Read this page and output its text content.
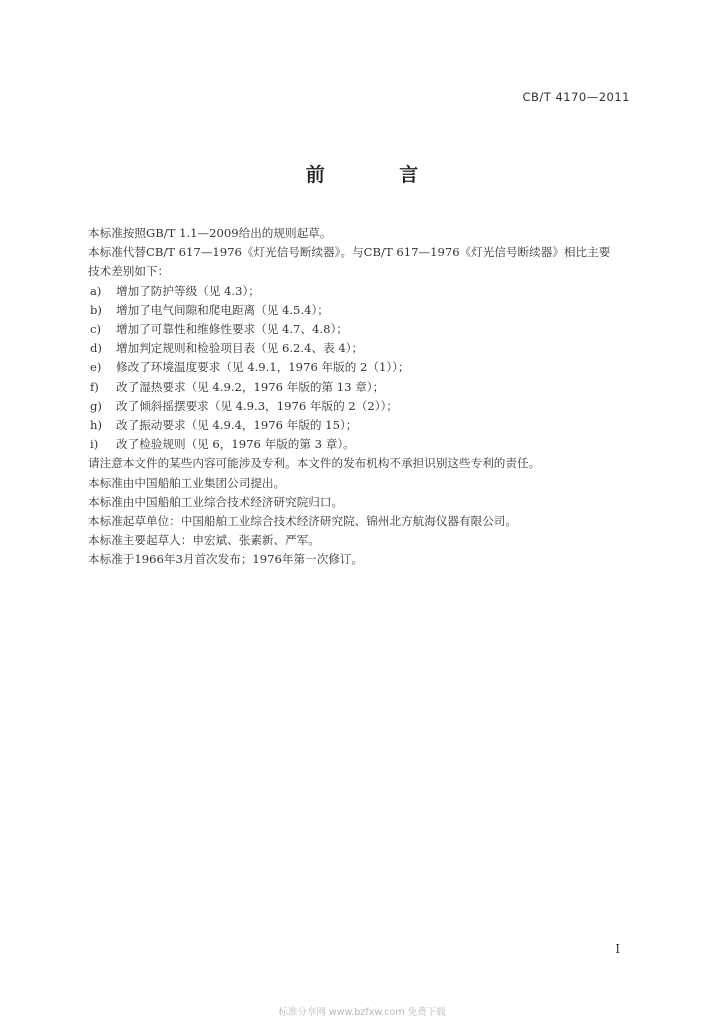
CB/T 4170—2011
前 言

本标准按照GB/T 1.1—2009给出的规则起草。

本标准代替CB/T 617—1976《灯光信号断续器》。与CB/T 617—1976《灯光信号断续器》相比主要

技术差别如下：

a)	增加了防护等级（见 4.3）；
b)	增加了电气间隙和爬电距离（见 4.5.4）；
c)	增加了可靠性和维修性要求（见 4.7、4.8）；
d)	增加判定规则和检验项目表（见 6.2.4、表 4）；
e)	修改了环境温度要求（见 4.9.1，1976 年版的 2（1））；
f)	改了湿热要求（见 4.9.2，1976 年版的第 13 章）；
g)	改了倾斜摇摆要求（见 4.9.3，1976 年版的 2（2））；
h)	改了振动要求（见 4.9.4，1976 年版的 15）；
i)	改了检验规则（见 6，1976 年版的第 3 章）。

请注意本文件的某些内容可能涉及专利。本文件的发布机构不承担识别这些专利的责任。

本标准由中国船舶工业集团公司提出。

本标准由中国船舶工业综合技术经济研究院归口。

本标准起草单位：中国船舶工业综合技术经济研究院、锦州北方航海仪器有限公司。

本标准主要起草人：申宏斌、张素新、严军。

本标准于1966年3月首次发布；1976年第一次修订。

I
标准分享网 www.bzfxw.com 免费下载
